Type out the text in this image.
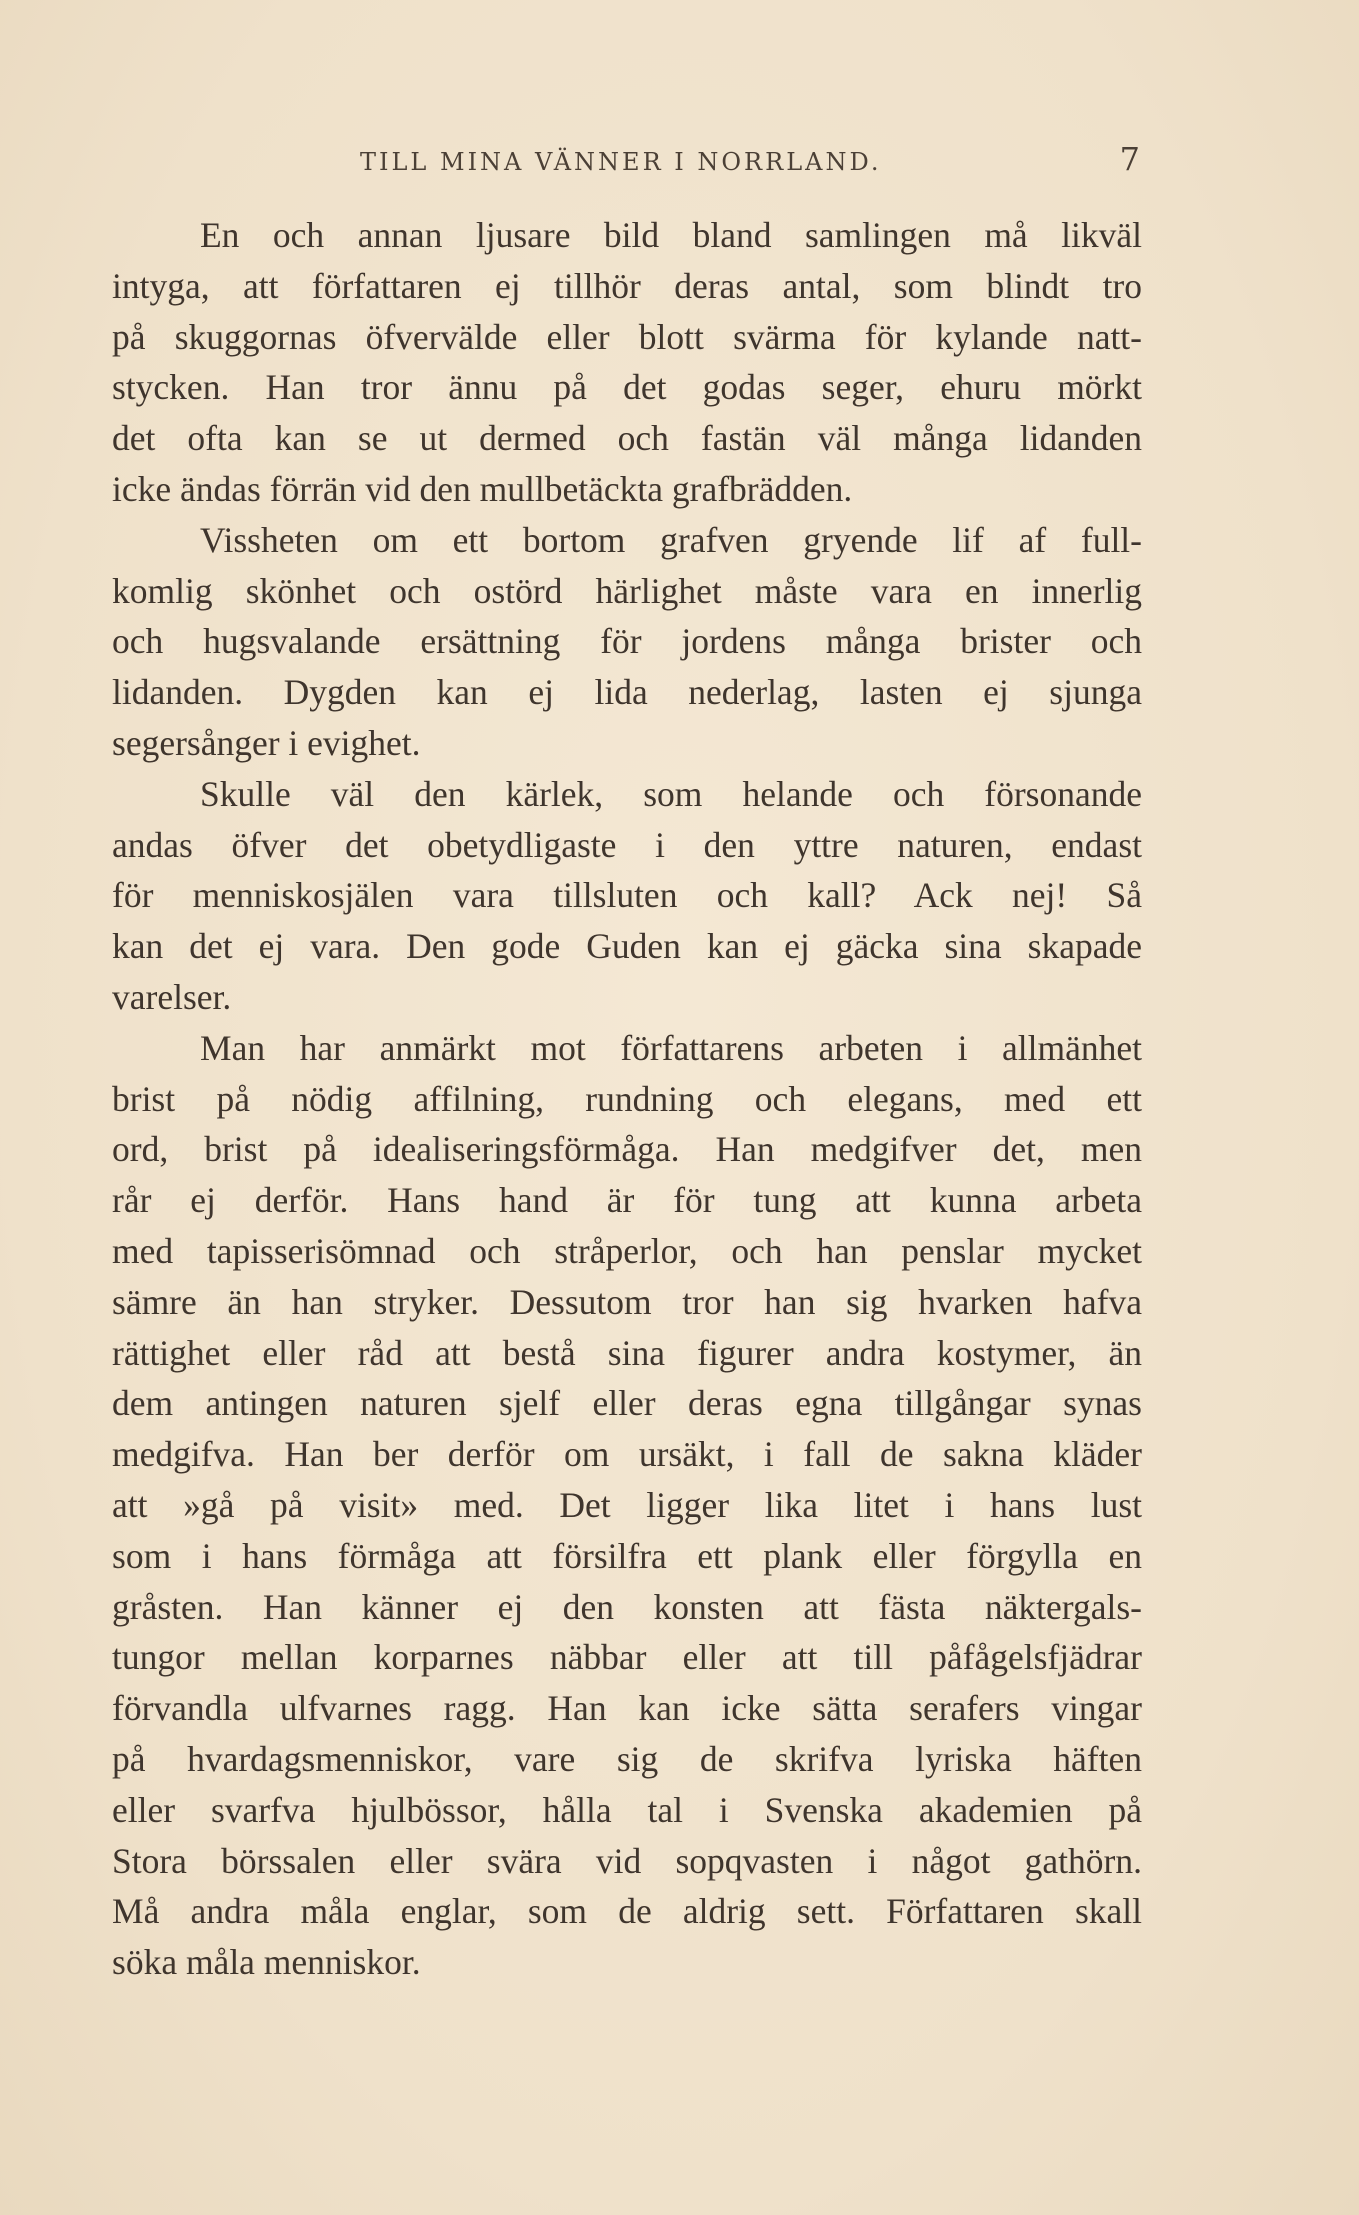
TILL MINA VÄNNER I NORRLAND.	7
En och annan ljusare bild bland samlingen må likväl
intyga, att författaren ej tillhör deras antal, som blindt tro
på skuggornas öfvervälde eller blott svärma för kylande natt-
stycken. Han tror ännu på det godas seger, ehuru mörkt
det ofta kan se ut dermed och fastän väl många lidanden
icke ändas förrän vid den mullbetäckta grafbrädden.
Vissheten om ett bortom grafven gryende lif af full-
komlig skönhet och ostörd härlighet måste vara en innerlig
och hugsvalande ersättning för jordens många brister och
lidanden. Dygden kan ej lida nederlag, lasten ej sjunga
segersånger i evighet.
Skulle väl den kärlek, som helande och försonande
andas öfver det obetydligaste i den yttre naturen, endast
för menniskosjälen vara tillsluten och kall? Ack nej! Så
kan det ej vara. Den gode Guden kan ej gäcka sina skapade
varelser.
Man har anmärkt mot författarens arbeten i allmänhet
brist på nödig affilning, rundning och elegans, med ett
ord, brist på idealiseringsförmåga. Han medgifver det, men
rår ej derför. Hans hand är för tung att kunna arbeta
med tapisserisömnad och stråperlor, och han penslar mycket
sämre än han stryker. Dessutom tror han sig hvarken hafva
rättighet eller råd att bestå sina figurer andra kostymer, än
dem antingen naturen sjelf eller deras egna tillgångar synas
medgifva. Han ber derför om ursäkt, i fall de sakna kläder
att »gå på visit» med. Det ligger lika litet i hans lust
som i hans förmåga att försilfra ett plank eller förgylla en
gråsten. Han känner ej den konsten att fästa näktergals-
tungor mellan korparnes näbbar eller att till påfågelsfjädrar
förvandla ulfvarnes ragg. Han kan icke sätta serafers vingar
på hvardagsmenniskor, vare sig de skrifva lyriska häften
eller svarfva hjulbössor, hålla tal i Svenska akademien på
Stora börssalen eller svära vid sopqvasten i något gathörn.
Må andra måla englar, som de aldrig sett. Författaren skall
söka måla menniskor.
